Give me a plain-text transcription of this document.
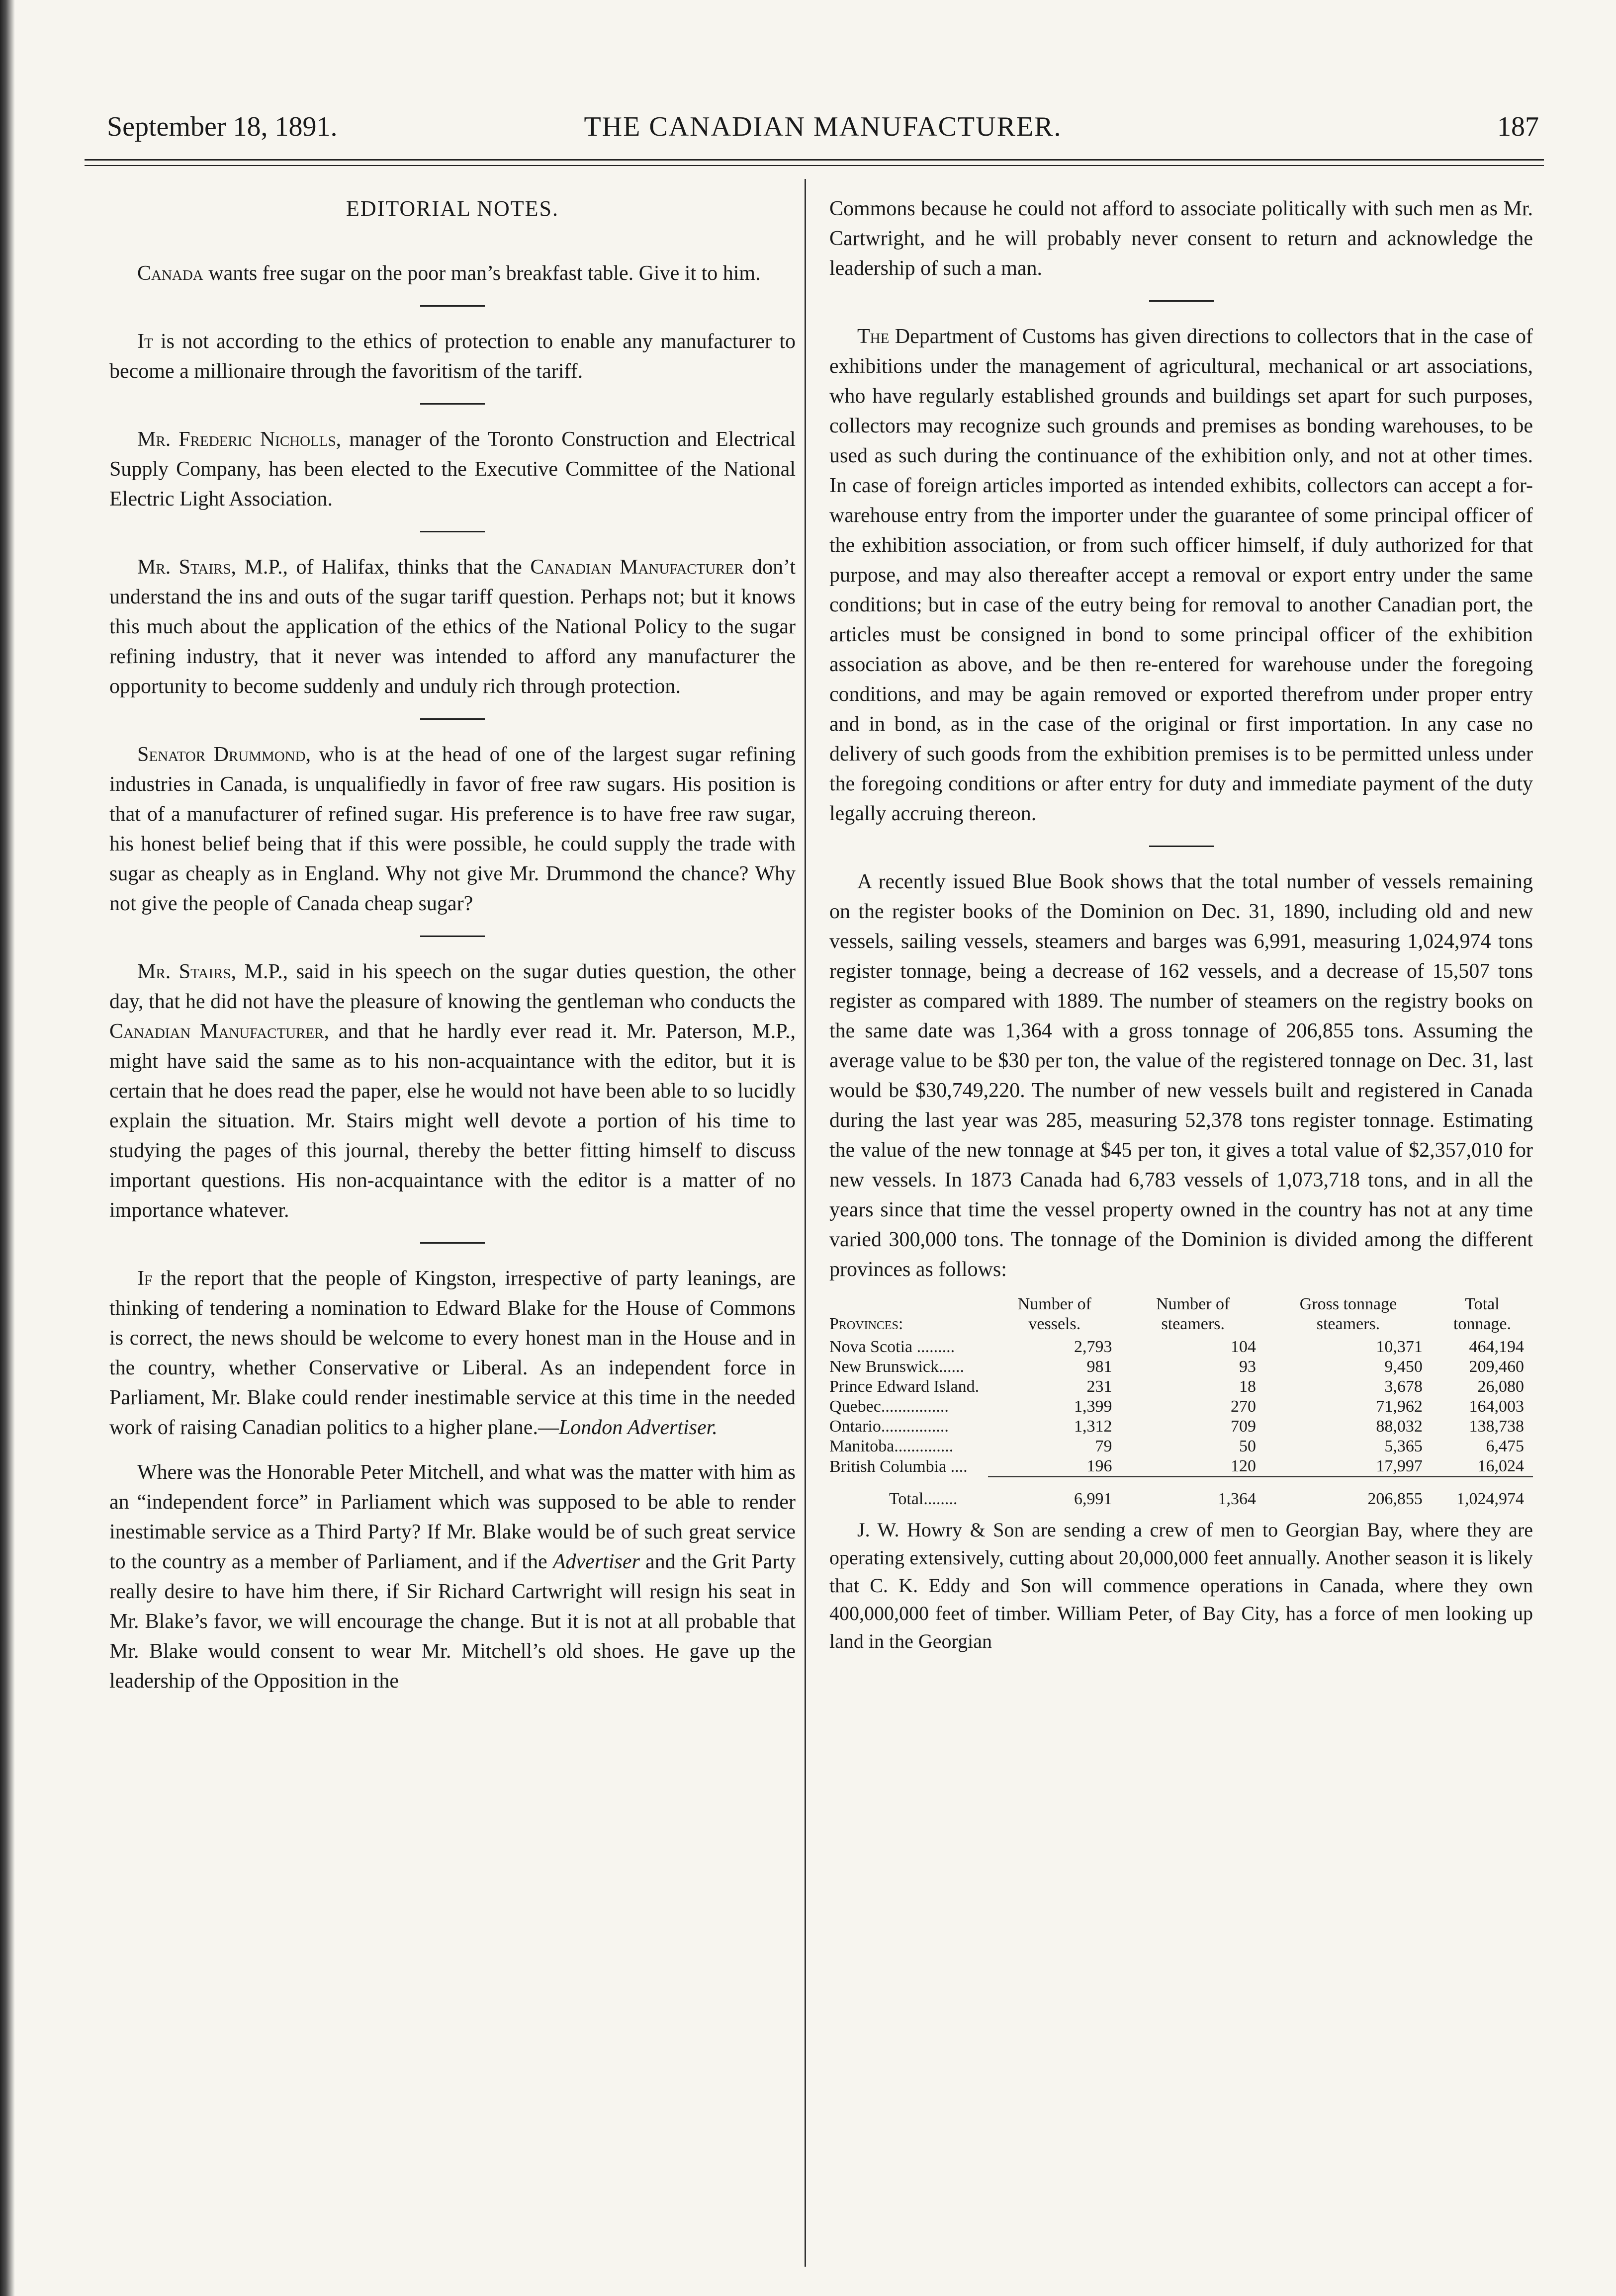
THE CANADIAN MANUFACTURER.
September 18, 1891.	187
EDITORIAL NOTES.

Canada wants free sugar on the poor man’s breakfast table. Give it to him.

It is not according to the ethics of protection to enable any manufacturer to become a millionaire through the favoritism of the tariff.

Mr. Frederic Nicholls, manager of the Toronto Construction and Electrical Supply Company, has been elected to the Executive Committee of the National Electric Light Association.

Mr. Stairs, M.P., of Halifax, thinks that the Canadian Manufacturer don’t understand the ins and outs of the sugar tariff question. Perhaps not; but it knows this much about the application of the ethics of the National Policy to the sugar refining industry, that it never was intended to afford any manufacturer the opportunity to become suddenly and unduly rich through protection.

Senator Drummond, who is at the head of one of the largest sugar refining industries in Canada, is unqualifiedly in favor of free raw sugars. His position is that of a manufacturer of refined sugar. His preference is to have free raw sugar, his honest belief being that if this were possible, he could supply the trade with sugar as cheaply as in England. Why not give Mr. Drummond the chance? Why not give the people of Canada cheap sugar?

Mr. Stairs, M.P., said in his speech on the sugar duties question, the other day, that he did not have the pleasure of knowing the gentleman who conducts the Canadian Manufacturer, and that he hardly ever read it. Mr. Paterson, M.P., might have said the same as to his non-acquaintance with the editor, but it is certain that he does read the paper, else he would not have been able to so lucidly explain the situation. Mr. Stairs might well devote a portion of his time to studying the pages of this journal, thereby the better fitting himself to discuss important questions. His non-acquaintance with the editor is a matter of no importance whatever.

If the report that the people of Kingston, irrespective of party leanings, are thinking of tendering a nomination to Edward Blake for the House of Commons is correct, the news should be welcome to every honest man in the House and in the country, whether Conservative or Liberal. As an independent force in Parliament, Mr. Blake could render inestimable service at this time in the needed work of raising Canadian politics to a higher plane.—London Advertiser.

Where was the Honorable Peter Mitchell, and what was the matter with him as an “independent force” in Parliament which was supposed to be able to render inestimable service as a Third Party? If Mr. Blake would be of such great service to the country as a member of Parliament, and if the Advertiser and the Grit Party really desire to have him there, if Sir Richard Cartwright will resign his seat in Mr. Blake’s favor, we will encourage the change. But it is not at all probable that Mr. Blake would consent to wear Mr. Mitchell’s old shoes. He gave up the leadership of the Opposition in the

Commons because he could not afford to associate politically with such men as Mr. Cartwright, and he will probably never consent to return and acknowledge the leadership of such a man.

The Department of Customs has given directions to collectors that in the case of exhibitions under the management of agricultural, mechanical or art associations, who have regularly established grounds and buildings set apart for such purposes, collectors may recognize such grounds and premises as bonding warehouses, to be used as such during the continuance of the exhibition only, and not at other times. In case of foreign articles imported as intended exhibits, collectors can accept a for-warehouse entry from the importer under the guarantee of some principal officer of the exhibition association, or from such officer himself, if duly authorized for that purpose, and may also thereafter accept a removal or export entry under the same conditions; but in case of the eutry being for removal to another Canadian port, the articles must be consigned in bond to some principal officer of the exhibition association as above, and be then re-entered for warehouse under the foregoing conditions, and may be again removed or exported therefrom under proper entry and in bond, as in the case of the original or first importation. In any case no delivery of such goods from the exhibition premises is to be permitted unless under the foregoing conditions or after entry for duty and immediate payment of the duty legally accruing thereon.

A recently issued Blue Book shows that the total number of vessels remaining on the register books of the Dominion on Dec. 31, 1890, including old and new vessels, sailing vessels, steamers and barges was 6,991, measuring 1,024,974 tons register tonnage, being a decrease of 162 vessels, and a decrease of 15,507 tons register as compared with 1889. The number of steamers on the registry books on the same date was 1,364 with a gross tonnage of 206,855 tons. Assuming the average value to be $30 per ton, the value of the registered tonnage on Dec. 31, last would be $30,749,220. The number of new vessels built and registered in Canada during the last year was 285, measuring 52,378 tons register tonnage. Estimating the value of the new tonnage at $45 per ton, it gives a total value of $2,357,010 for new vessels. In 1873 Canada had 6,783 vessels of 1,073,718 tons, and in all the years since that time the vessel property owned in the country has not at any time varied 300,000 tons. The tonnage of the Dominion is divided among the different provinces as follows:

Provinces:	Number of vessels.	Number of steamers.	Gross tonnage steamers.	Total tonnage.
Nova Scotia .........	2,793	104	10,371	464,194
New Brunswick......	981	93	9,450	209,460
Prince Edward Island.	231	18	3,678	26,080
Quebec................	1,399	270	71,962	164,003
Ontario................	1,312	709	88,032	138,738
Manitoba..............	79	50	5,365	6,475
British Columbia ....	196	120	17,997	16,024
Total........	6,991	1,364	206,855	1,024,974

J. W. Howry & Son are sending a crew of men to Georgian Bay, where they are operating extensively, cutting about 20,000,000 feet annually. Another season it is likely that C. K. Eddy and Son will commence operations in Canada, where they own 400,000,000 feet of timber. William Peter, of Bay City, has a force of men looking up land in the Georgian
